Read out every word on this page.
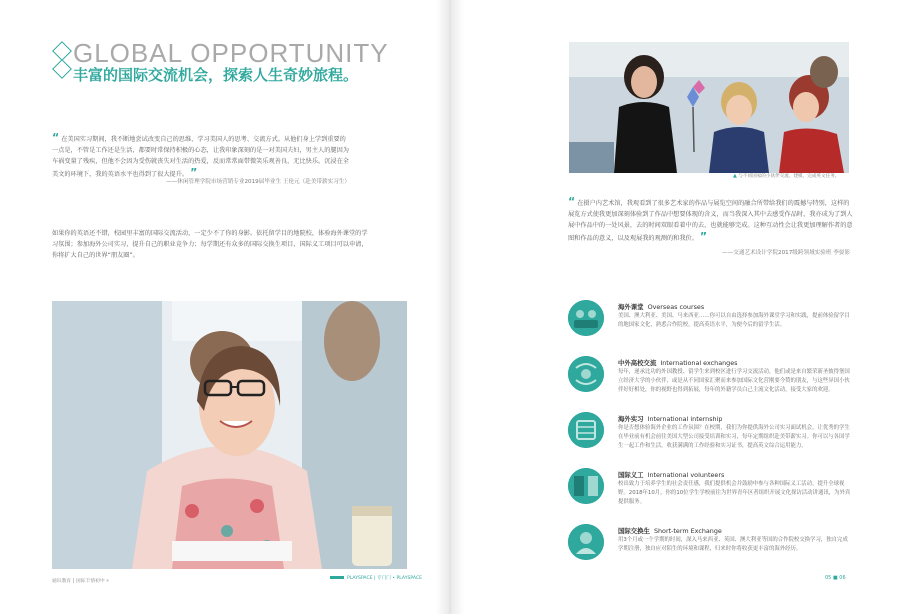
GLOBAL OPPORTUNITY
丰富的国际交流机会，探索人生奇妙旅程。
“ 在美国实习期间，我不断地尝试改变自己的思维、学习美国人的思考、交流方式。从他们身上学到重要的一点是，不管是工作还是生活，都要时常保持积极的心态，让我印象深刻的是一对美国夫妇，男主人的腿因为车祸变量了残疾，但他不会因为受伤就丧失对生活的热爱，反而常常面带微笑乐观善良，无比快乐。沉浸在全美文的环境下，我的英语水平也得到了很大提升。 ”
——休闲管理学院市场营销专业2019届毕业生 王伦元（赴美带薪实习生）
如果你的英语还不错，校园里丰富的国际交流活动，一定少不了你的身影。依托留学目的地院校，体验海外课堂的学习氛围；参加海外公司实习，提升自己的职业竞争力；每学期还有众多的国际交换生项目、国际义工项目可以申请，你将扩大自己的世界“朋友圈”。
▲ 与不同国家的小伙伴交流、建模、完成英文任务。
“ 在摄户内艺术馆，我观看到了很多艺术家的作品与展览空间的融合所带给我们的震撼与特别，这样的展览方式使我更加深刻体验到了作品中想要体现的含义，而当我深入其中去感受作品时，我亦成为了到人展中作品中的一处风景，去的时间双眼看着中的去，也就能够完成。这种互动性会让我更加理解作者的意图和作品的意义，以及观展我的观测的和我价。 ”
——交通艺术设计学院2017级跨领域实验班 李晏影
海外课堂 Overseas courses
美国、澳大利亚、美国、马来西亚……你可以自由选择参加海外课堂学习和实践，提前体验留学目的地国家文化，熟悉合作院校，提高英语水平，为便今后的留学生活。
中外高校交流 International exchanges
每年，递承比功的外国教授、留学生来到校区进行学习交流活动，他们或是来自繁荣新圣彼得堡国立经济大学的小伙伴，或是从不同国家汇聚而来参加国际文化营刚要今赞的朋友，与这些异国小伙伴好好相处，你的视野也得到拓展，每年的外籍学员白己主流文化活动，接受大家的欢迎。
海外实习 International internship
你是否想体验海外企业的工作氛围？在校期，我们为你提供海外公司实习面试机会，让优秀的学生在毕业前有机会前往美国大型公司接受培训和实习，每年定期组织赴美带薪实习。你可以与各国学生一起工作和生活，收获满满的工作经验和实习证书，提高英文综合运用能力。
国际义工 International volunteers
校出致力于培养学生的社会责任感，我们提供机会并鼓励申参与各种国际义工活动，提升全球视野。2018年10月，你的10位学生学校前往为世界青年区者组织开展文化探访活动讲通讯，为外宾提供服务。
国际交换生 Short-term Exchange
用3个月或一个学期的时间，深入马来西亚、英国、澳大利亚等国的合作院校交换学习，独自完成学期注册，独自应对陌生的环境和课程，归来时你将收获更丰富的海外经历。
通识教育 | 国际丰情初中 »
PLAYSPACE | 专门门 • PLAYSPACE	05 ■ 06
